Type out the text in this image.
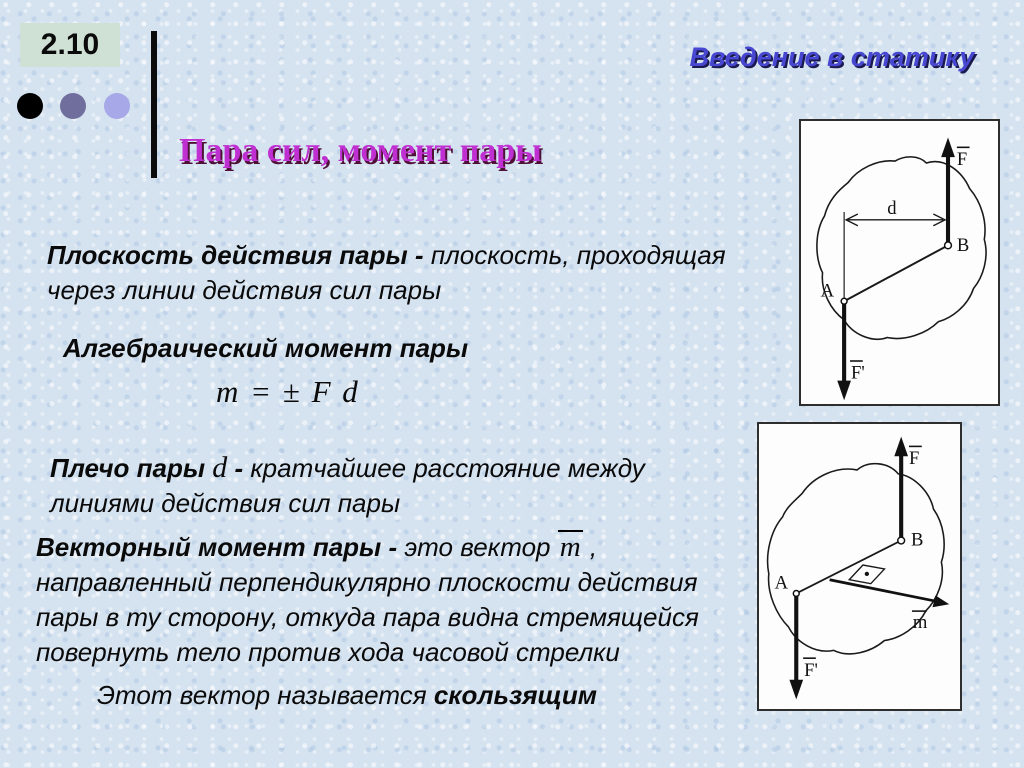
2.10	Введение в статику
Пара сил, момент пары
Плоскость действия пары - плоскость, проходящая
через линии действия сил пары
Алгебраический момент пары
m = ± F d
Плечо пары d - кратчайшее расстояние между
линиями действия сил пары
Векторный момент пары - это вектор m ,
направленный перпендикулярно плоскости действия
пары в ту сторону, откуда пара видна стремящейся
повернуть тело против хода часовой стрелки
Этот вектор называется скользящим
d
F
F'
B
A
m
F
F'
B
A
